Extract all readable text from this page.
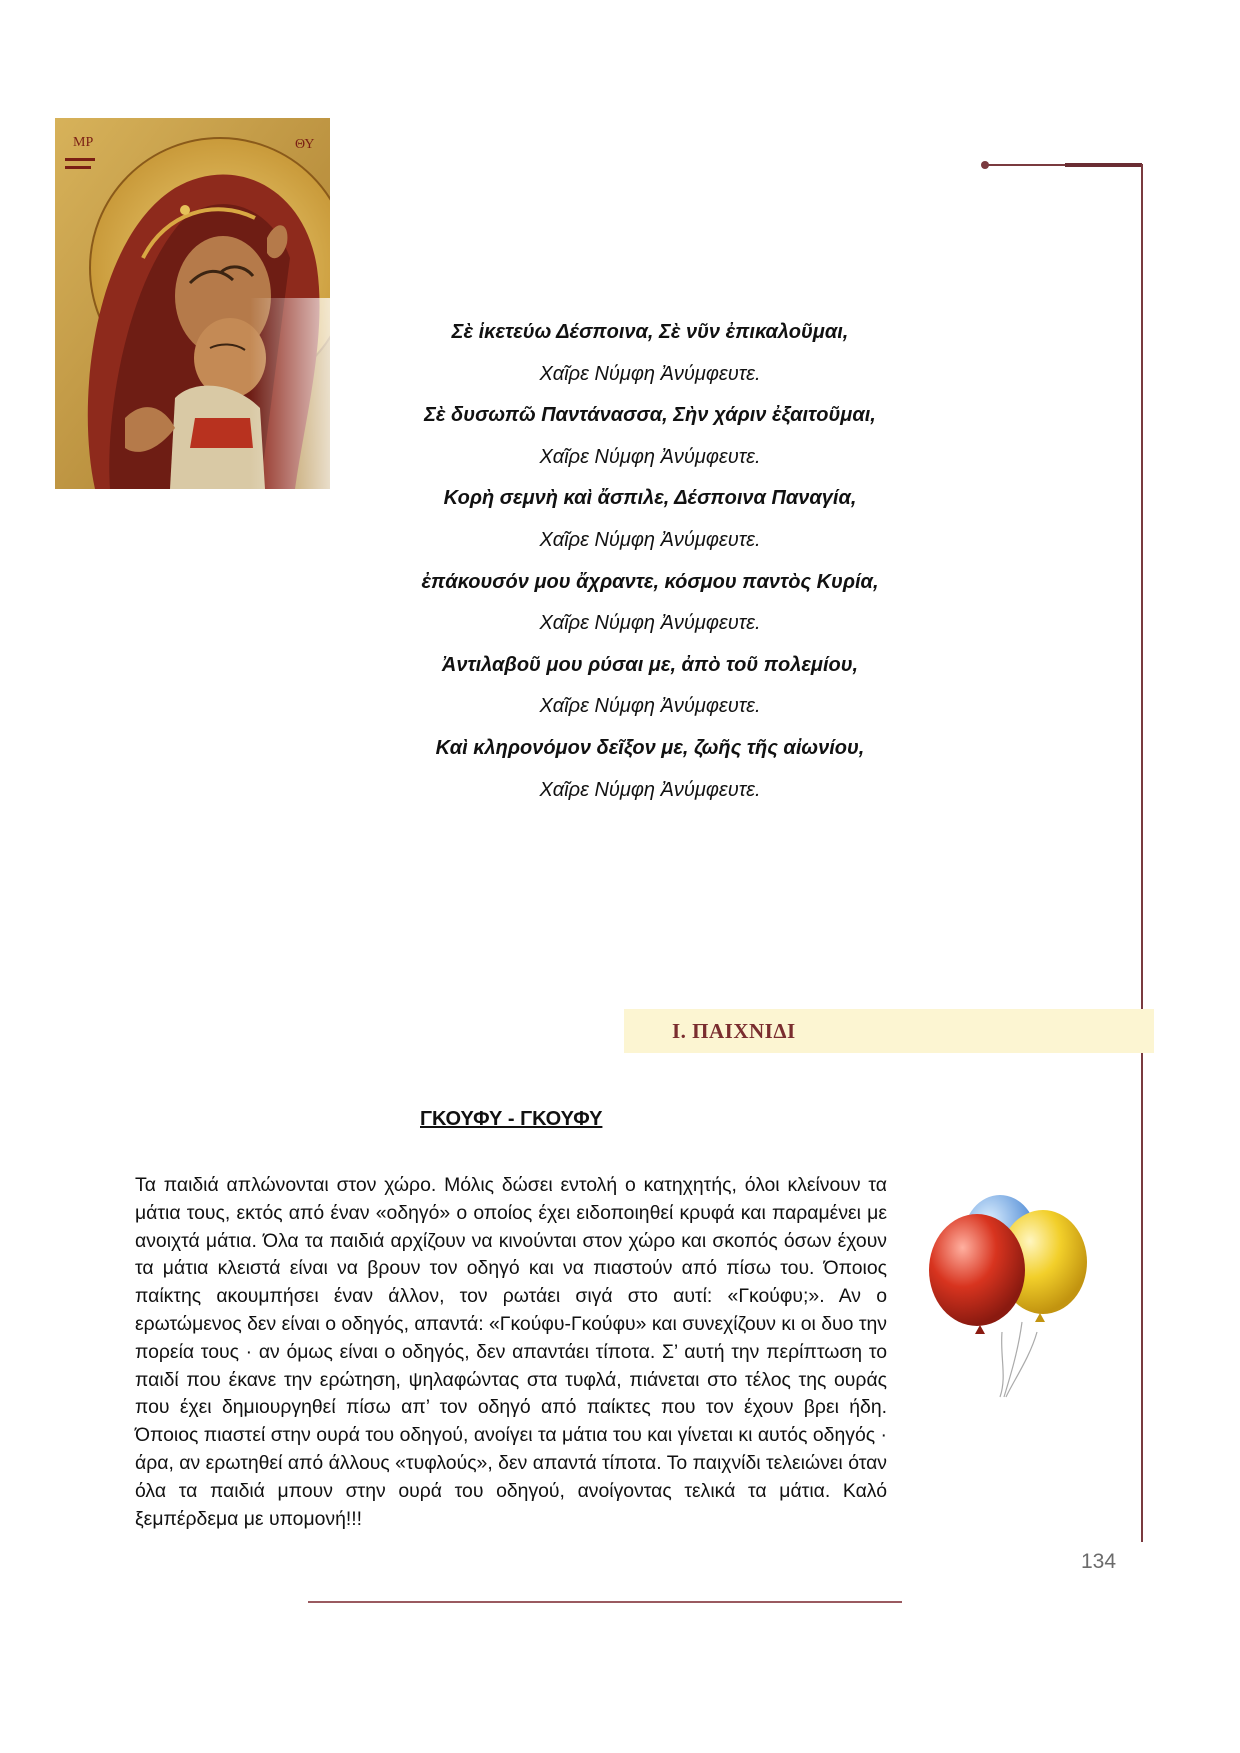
MP	ΘΥ
Σὲ ἱκετεύω Δέσποινα, Σὲ νῦν ἐπικαλοῦμαι,
Χαῖρε Νύμφη Ἀνύμφευτε.
Σὲ δυσωπῶ Παντάνασσα, Σὴν χάριν ἐξαιτοῦμαι,
Χαῖρε Νύμφη Ἀνύμφευτε.
Κορὴ σεμνὴ καὶ ἄσπιλε, Δέσποινα Παναγία,
Χαῖρε Νύμφη Ἀνύμφευτε.
ἐπάκουσόν μου ἄχραντε, κόσμου παντὸς Κυρία,
Χαῖρε Νύμφη Ἀνύμφευτε.
Ἀντιλαβοῦ μου ρύσαι με, ἀπὸ τοῦ πολεμίου,
Χαῖρε Νύμφη Ἀνύμφευτε.
Καὶ κληρονόμον δεῖξον με, ζωῆς τῆς αἰωνίου,
Χαῖρε Νύμφη Ἀνύμφευτε.
Ι. ΠΑΙΧΝΙΔΙ
ΓΚΟΥΦΥ - ΓΚΟΥΦΥ

Τα παιδιά απλώνονται στον χώρο. Μόλις δώσει εντολή ο κατηχητής, όλοι κλείνουν τα μάτια τους, εκτός από έναν «οδηγό» ο οποίος έχει ειδοποιηθεί κρυφά και παραμένει με ανοιχτά μάτια. Όλα τα παιδιά αρχίζουν να κινούνται στον χώρο και σκοπός όσων έχουν τα μάτια κλειστά είναι να βρουν τον οδηγό και να πιαστούν από πίσω του. Όποιος παίκτης ακουμπήσει έναν άλλον, τον ρωτάει σιγά στο αυτί: «Γκούφυ;». Αν ο ερωτώμενος δεν είναι ο οδηγός, απαντά: «Γκούφυ-Γκούφυ» και συνεχίζουν κι οι δυο την πορεία τους · αν όμως είναι ο οδηγός, δεν απαντάει τίποτα. Σ’ αυτή την περίπτωση το παιδί που έκανε την ερώτηση, ψηλαφώντας στα τυφλά, πιάνεται στο τέλος της ουράς που έχει δημιουργηθεί πίσω απ’ τον οδηγό από παίκτες που τον έχουν βρει ήδη. Όποιος πιαστεί στην ουρά του οδηγού, ανοίγει τα μάτια του και γίνεται κι αυτός οδηγός · άρα, αν ερωτηθεί από άλλους «τυφλούς», δεν απαντά τίποτα. Το παιχνίδι τελειώνει όταν όλα τα παιδιά μπουν στην ουρά του οδηγού, ανοίγοντας τελικά τα μάτια. Καλό ξεμπέρδεμα με υπομονή!!!

134
